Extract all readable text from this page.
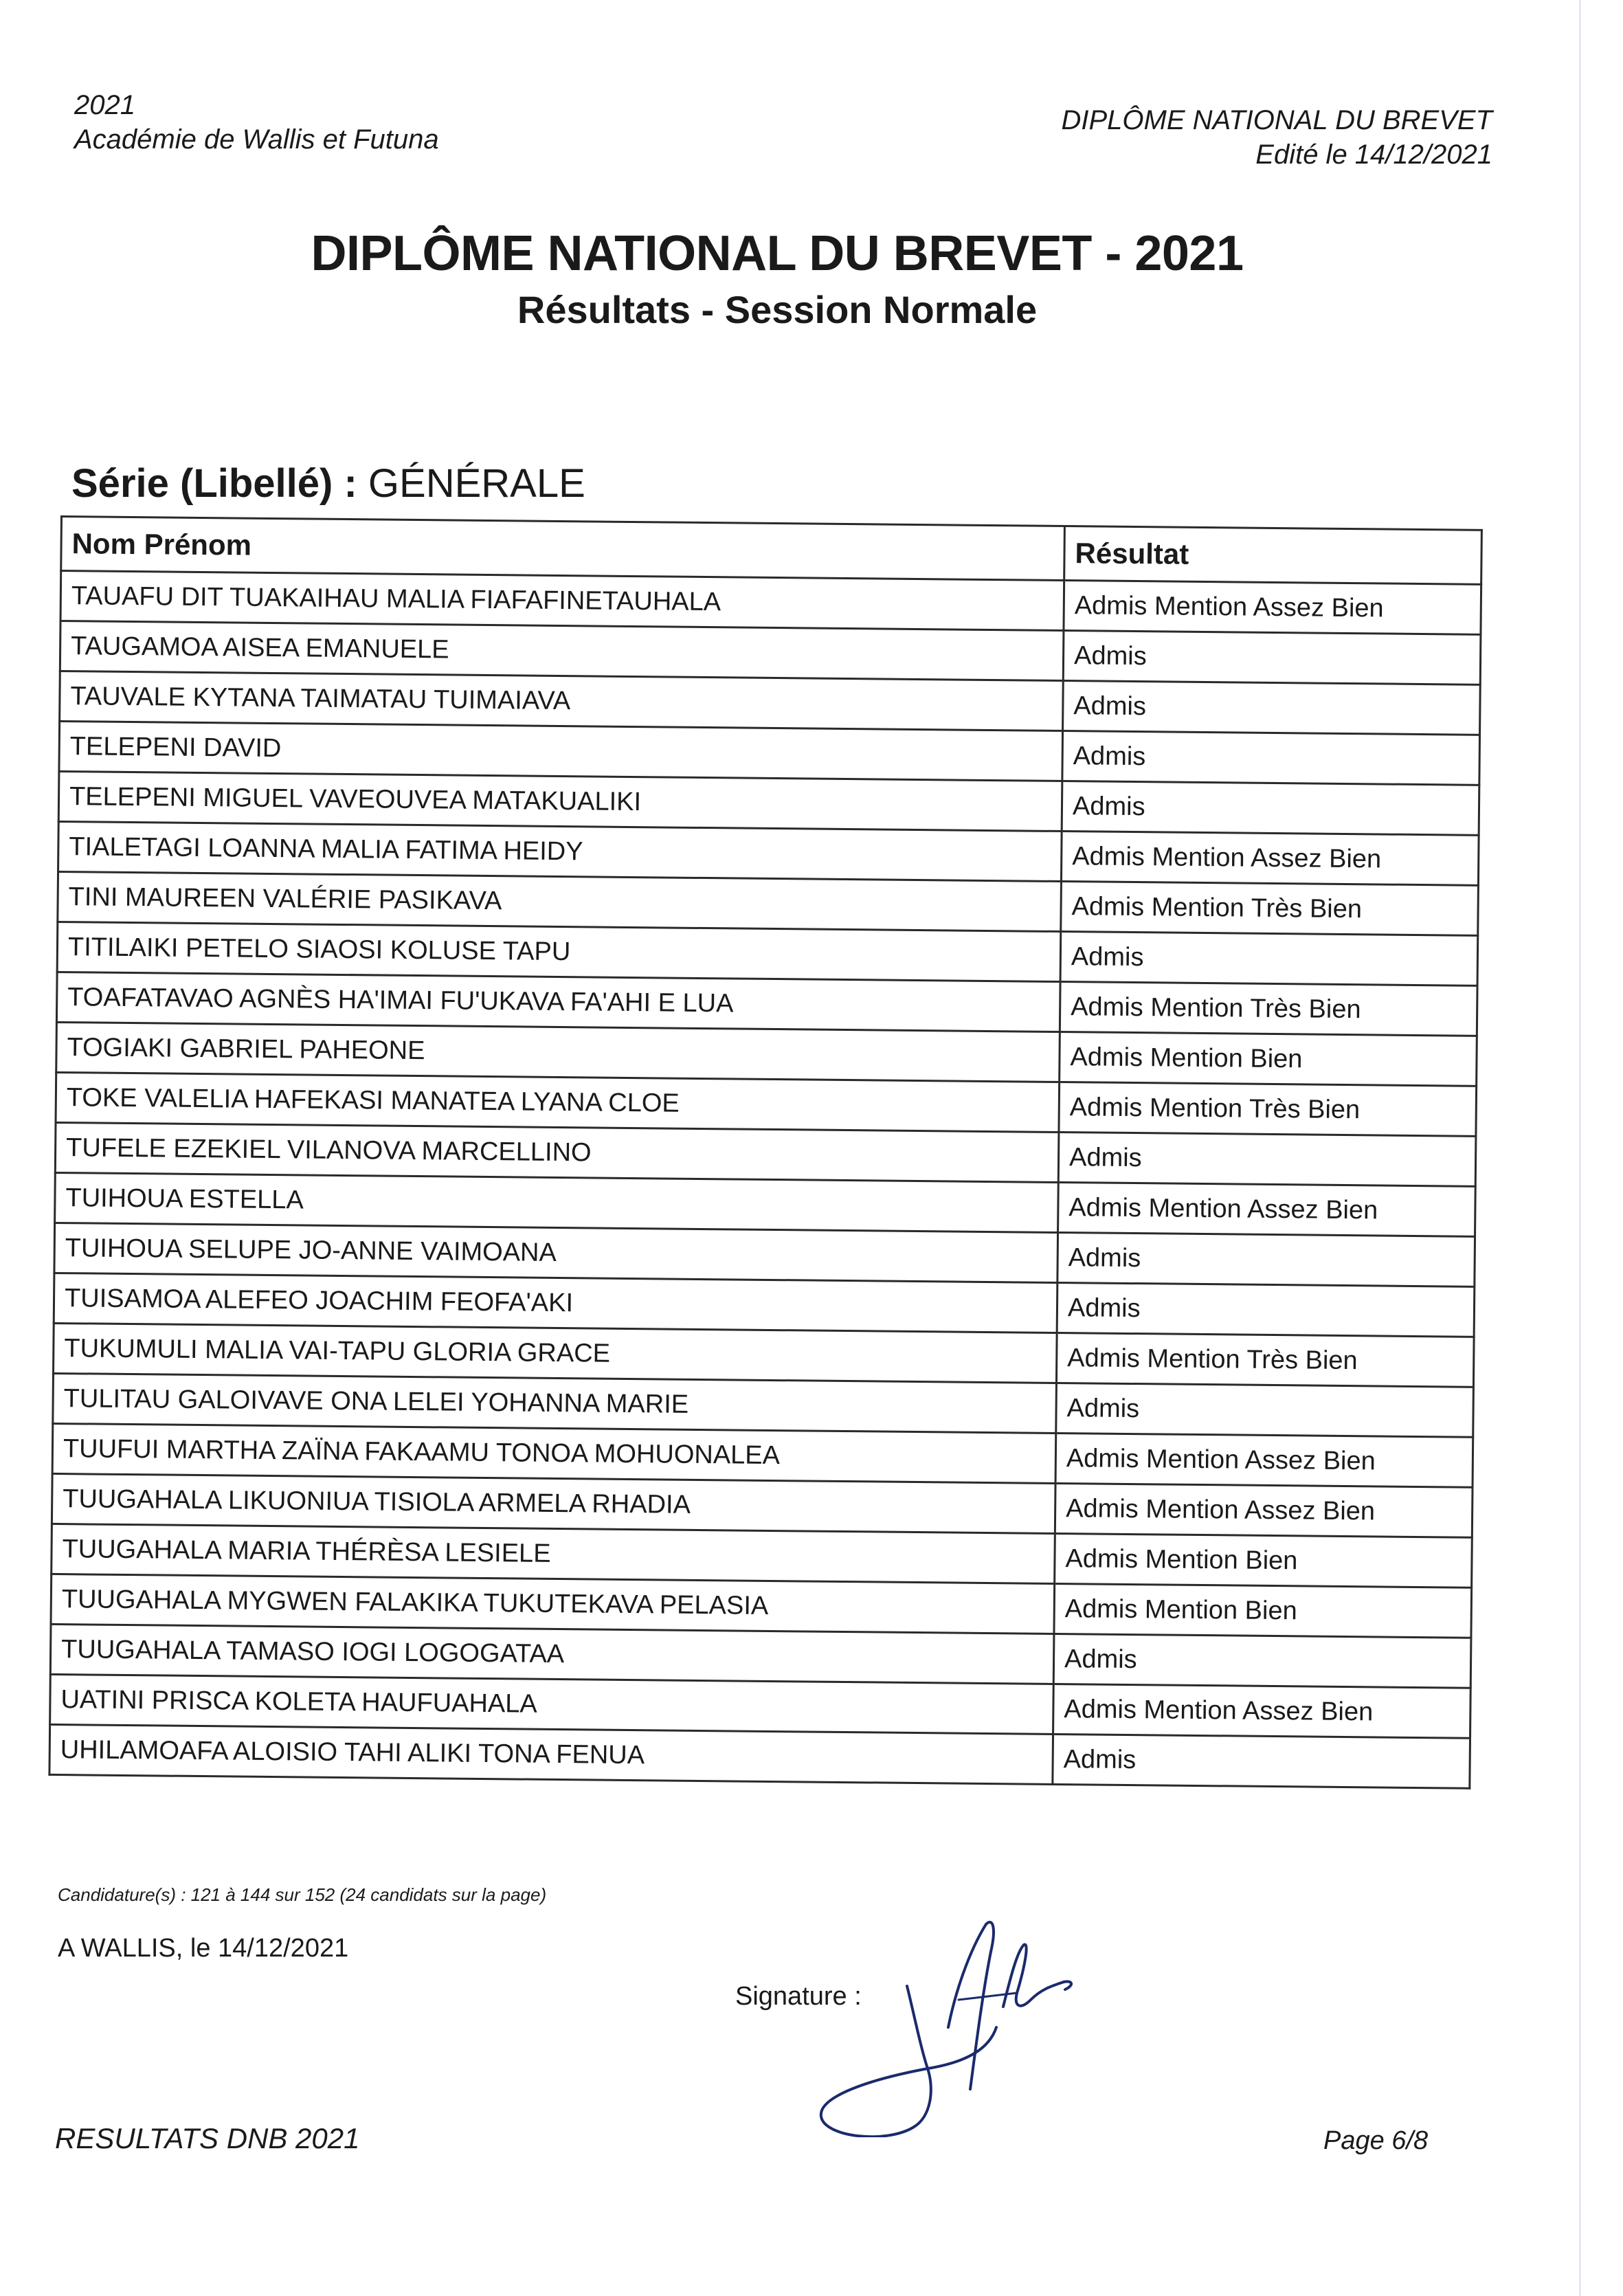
2021
Académie de Wallis et Futuna
DIPLÔME NATIONAL DU BREVET
Edité le 14/12/2021
DIPLÔME NATIONAL DU BREVET - 2021
Résultats - Session Normale
Série (Libellé) : GÉNÉRALE
Nom Prénom	Résultat
TAUAFU DIT TUAKAIHAU MALIA FIAFAFINETAUHALA	Admis Mention Assez Bien
TAUGAMOA AISEA EMANUELE	Admis
TAUVALE KYTANA TAIMATAU TUIMAIAVA	Admis
TELEPENI DAVID	Admis
TELEPENI MIGUEL VAVEOUVEA MATAKUALIKI	Admis
TIALETAGI LOANNA MALIA FATIMA HEIDY	Admis Mention Assez Bien
TINI MAUREEN VALÉRIE PASIKAVA	Admis Mention Très Bien
TITILAIKI PETELO SIAOSI KOLUSE TAPU	Admis
TOAFATAVAO AGNÈS HA'IMAI FU'UKAVA FA'AHI E LUA	Admis Mention Très Bien
TOGIAKI GABRIEL PAHEONE	Admis Mention Bien
TOKE VALELIA HAFEKASI MANATEA LYANA CLOE	Admis Mention Très Bien
TUFELE EZEKIEL VILANOVA MARCELLINO	Admis
TUIHOUA ESTELLA	Admis Mention Assez Bien
TUIHOUA SELUPE JO-ANNE VAIMOANA	Admis
TUISAMOA ALEFEO JOACHIM FEOFA'AKI	Admis
TUKUMULI MALIA VAI-TAPU GLORIA GRACE	Admis Mention Très Bien
TULITAU GALOIVAVE ONA LELEI YOHANNA MARIE	Admis
TUUFUI MARTHA ZAÏNA FAKAAMU TONOA MOHUONALEA	Admis Mention Assez Bien
TUUGAHALA LIKUONIUA TISIOLA ARMELA RHADIA	Admis Mention Assez Bien
TUUGAHALA MARIA THÉRÈSA LESIELE	Admis Mention Bien
TUUGAHALA MYGWEN FALAKIKA TUKUTEKAVA PELASIA	Admis Mention Bien
TUUGAHALA TAMASO IOGI LOGOGATAA	Admis
UATINI PRISCA KOLETA HAUFUAHALA	Admis Mention Assez Bien
UHILAMOAFA ALOISIO TAHI ALIKI TONA FENUA	Admis
Candidature(s) : 121 à 144 sur 152 (24 candidats sur la page)
A WALLIS, le 14/12/2021
Signature :
RESULTATS DNB 2021	Page 6/8
